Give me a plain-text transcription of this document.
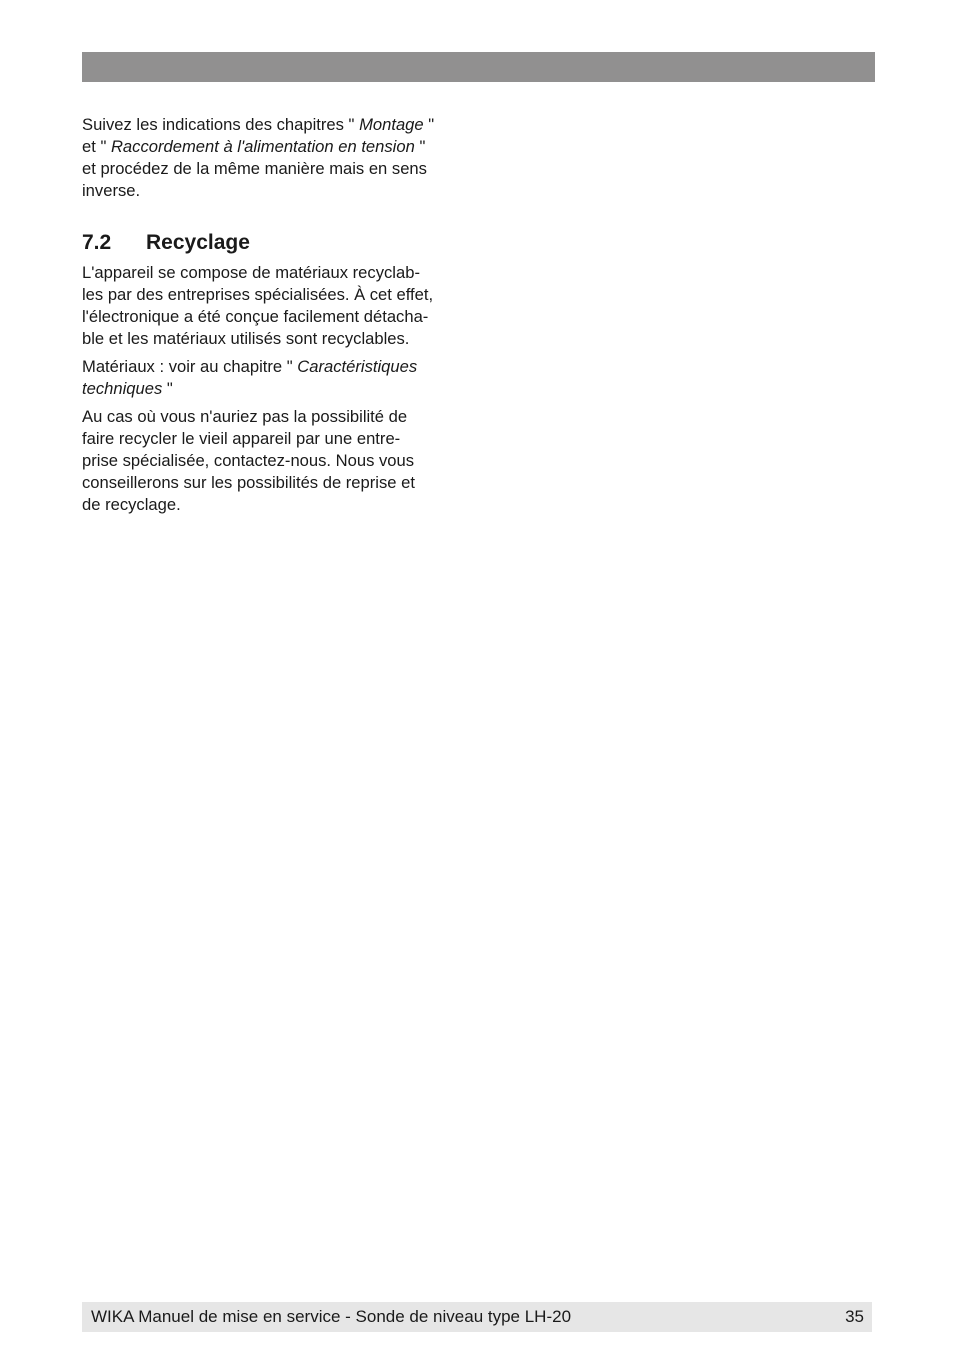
Suivez les indications des chapitres " Montage "
et " Raccordement à l'alimentation en tension "
et procédez de la même manière mais en sens
inverse.

7.2	Recyclage

L'appareil se compose de matériaux recyclab-
les par des entreprises spécialisées. À cet effet,
l'électronique a été conçue facilement détacha-
ble et les matériaux utilisés sont recyclables.

Matériaux : voir au chapitre " Caractéristiques
techniques "

Au cas où vous n'auriez pas la possibilité de
faire recycler le vieil appareil par une entre-
prise spécialisée, contactez-nous. Nous vous
conseillerons sur les possibilités de reprise et
de recyclage.

WIKA Manuel de mise en service - Sonde de niveau type LH-20	35
